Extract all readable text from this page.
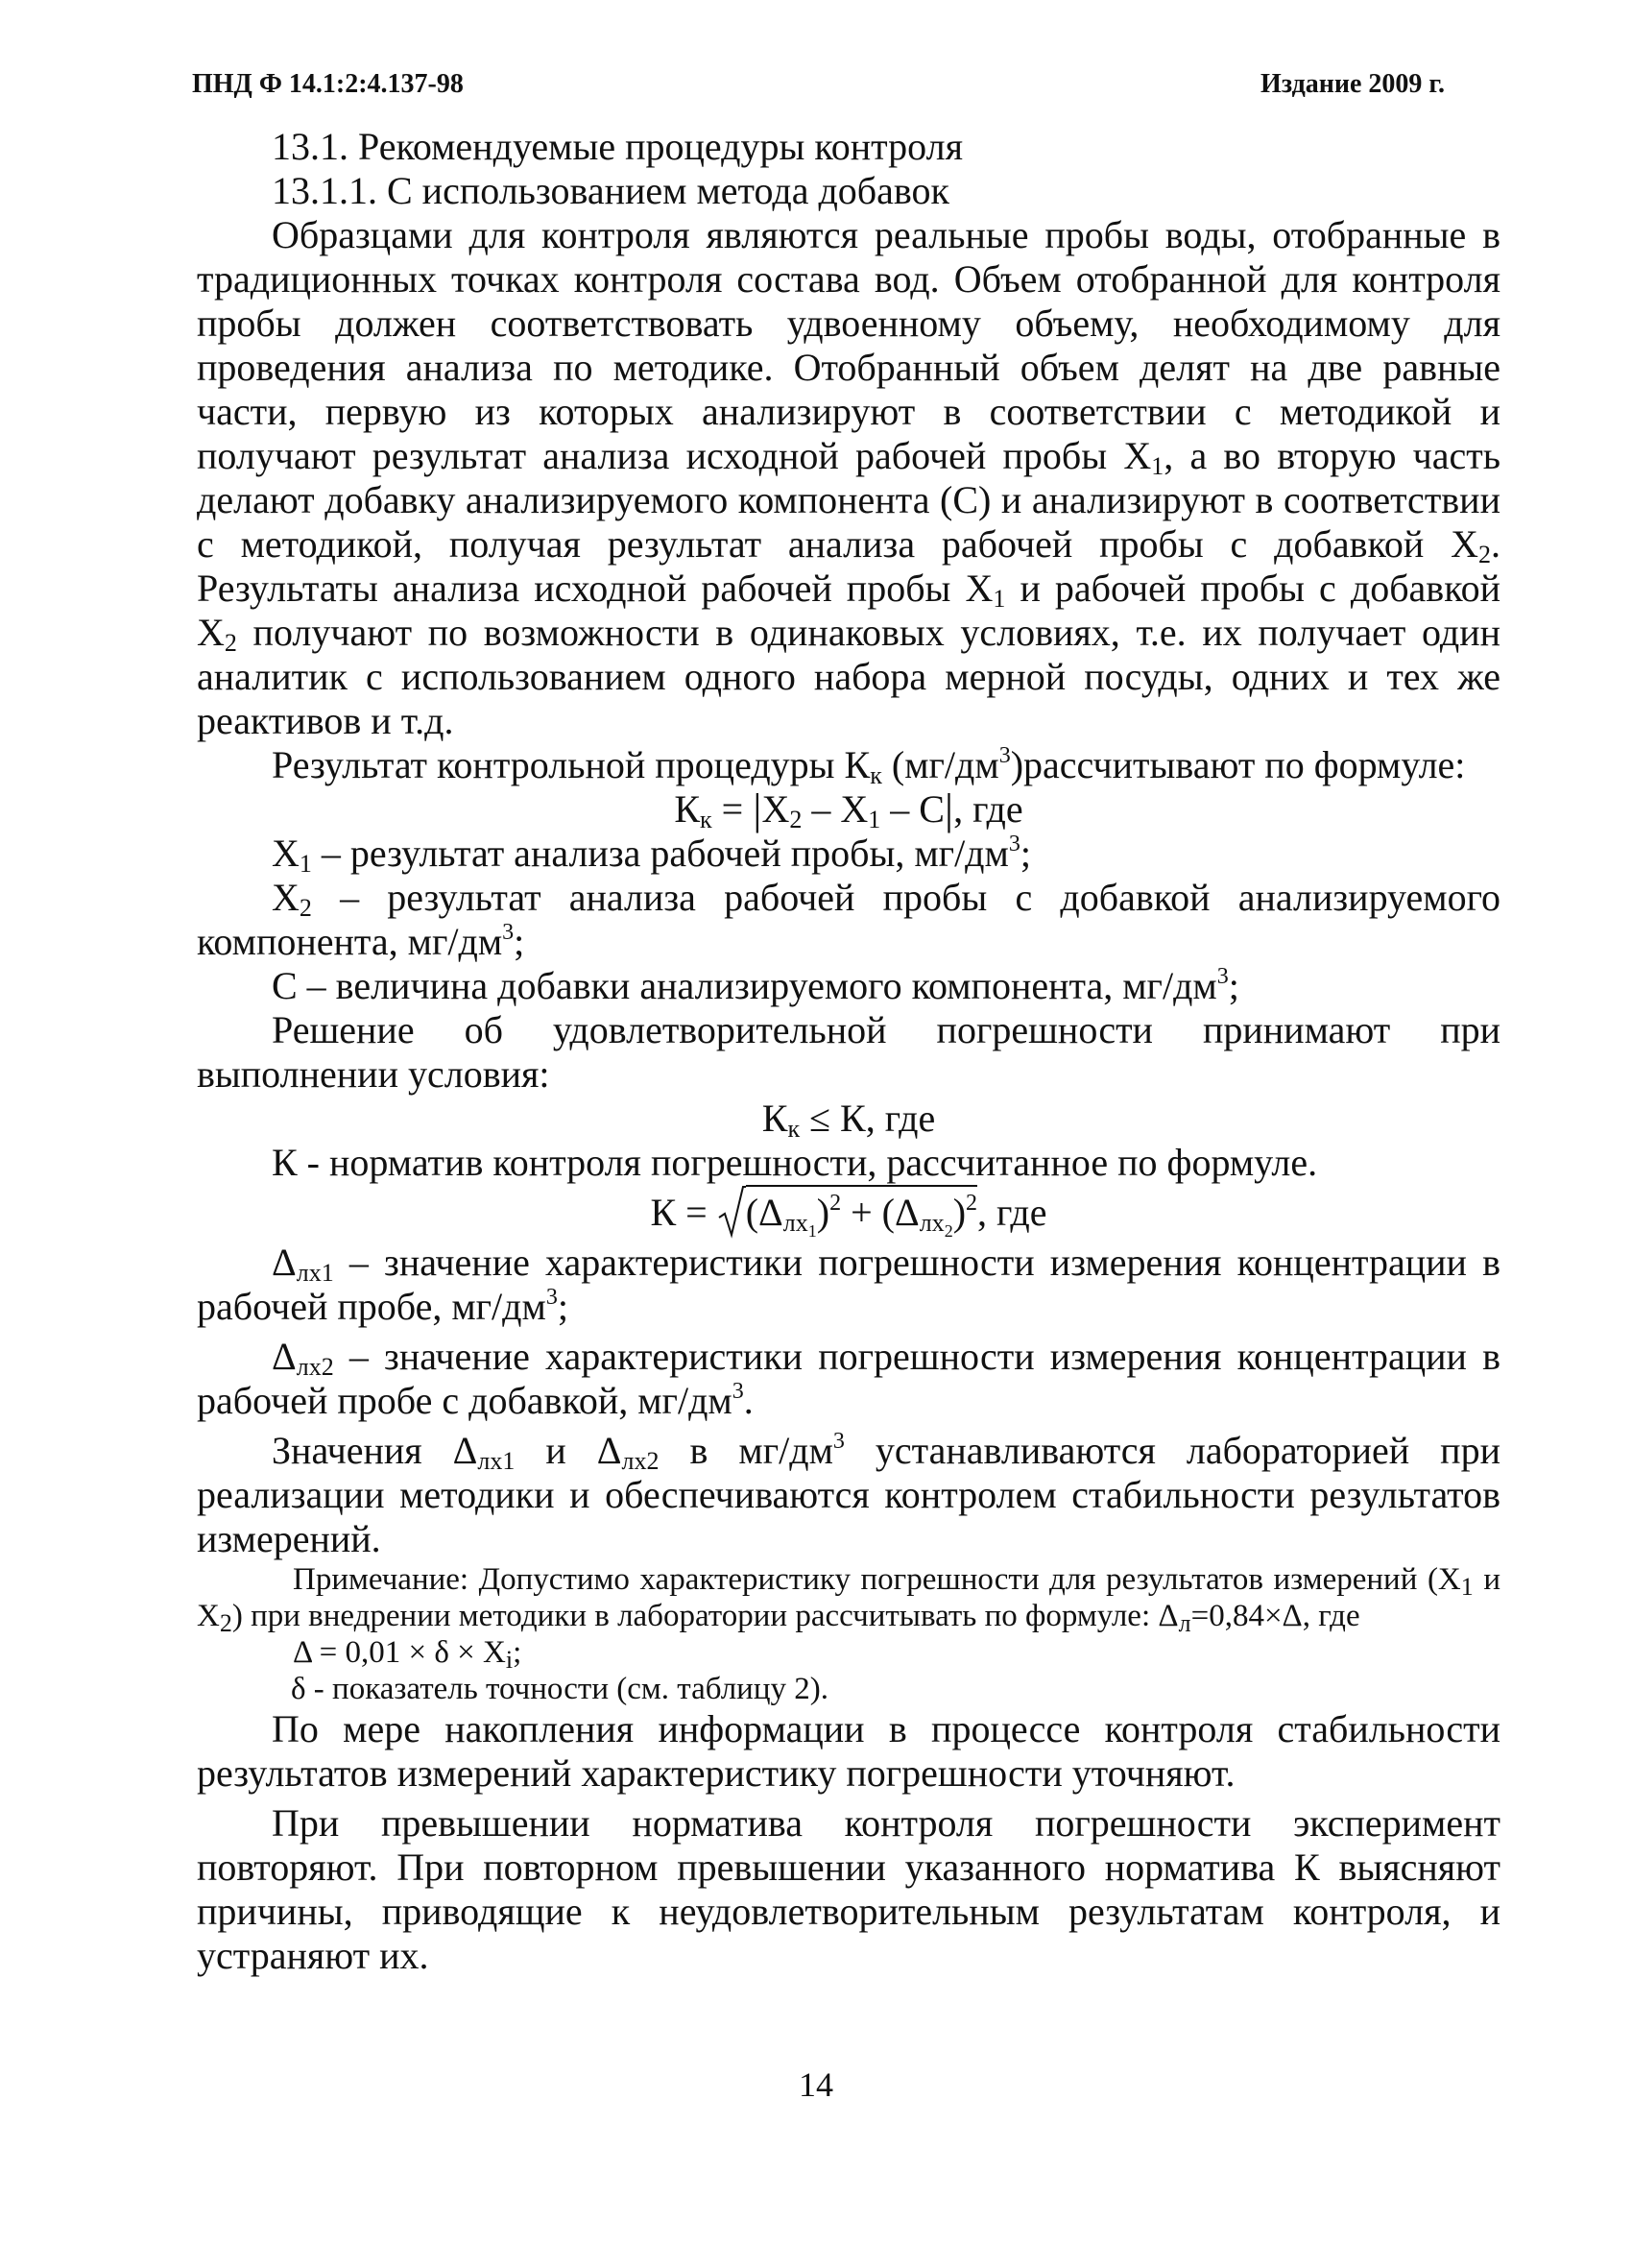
ПНД Ф 14.1:2:4.137-98	Издание 2009 г.

13.1. Рекомендуемые процедуры контроля

13.1.1. С использованием метода добавок

Образцами для контроля являются реальные пробы воды, отобранные в традиционных точках контроля состава вод. Объем отобранной для контроля пробы должен соответствовать удвоенному объему, необходимому для проведения анализа по методике. Отобранный объем делят на две равные части, первую из которых анализируют в соответствии с методикой и получают результат анализа исходной рабочей пробы $X_1$, а во вторую часть делают добавку анализируемого компонента (С) и анализируют в соответствии с методикой, получая результат анализа рабочей пробы с добавкой $X_2$. Результаты анализа исходной рабочей пробы $X_1$ и рабочей пробы с добавкой $X_2$ получают по возможности в одинаковых условиях, т.е. их получает один аналитик с использованием одного набора мерной посуды, одних и тех же реактивов и т.д.

Результат контрольной процедуры $К_к$ $(мг/дм^3)рассчитывают$ по формуле:

$К_к = |X_2 - X_1 - C|$, где

$X_1$ – результат анализа рабочей пробы, $мг/дм^3$;

$X_2$ – результат анализа рабочей пробы с добавкой анализируемого компонента, $мг/дм^3$;

С – величина добавки анализируемого компонента, $мг/дм^3$;

Решение об удовлетворительной погрешности принимают при выполнении условия:

$К_к \le К$, где

К - норматив контроля погрешности, рассчитанное по формуле.

$К = (\Delta_{лх_1})^2 + (\Delta_{лх_2})^2$, где

$\Delta_{лх1}$ – значение характеристики погрешности измерения концентрации в рабочей пробе, $мг/дм^3$;

$\Delta_{лх2}$ – значение характеристики погрешности измерения концентрации в рабочей пробе с добавкой, $мг/дм^3$.

Значения $\Delta_{лх1}$ и $\Delta_{лх2}$ в $мг/дм^3$ устанавливаются лабораторией при реализации методики и обеспечиваются контролем стабильности результатов измерений.

Примечание: Допустимо характеристику погрешности для результатов измерений ($X_1$ и $X_2$) при внедрении методики в лаборатории рассчитывать по формуле: $\Delta_л=0,84\times\Delta$, где

$\Delta = 0,01 \times \delta \times X_i$;

δ - показатель точности (см. таблицу 2).

По мере накопления информации в процессе контроля стабильности результатов измерений характеристику погрешности уточняют.

При превышении норматива контроля погрешности эксперимент повторяют. При повторном превышении указанного норматива К выясняют причины, приводящие к неудовлетворительным результатам контроля, и устраняют их.

14
